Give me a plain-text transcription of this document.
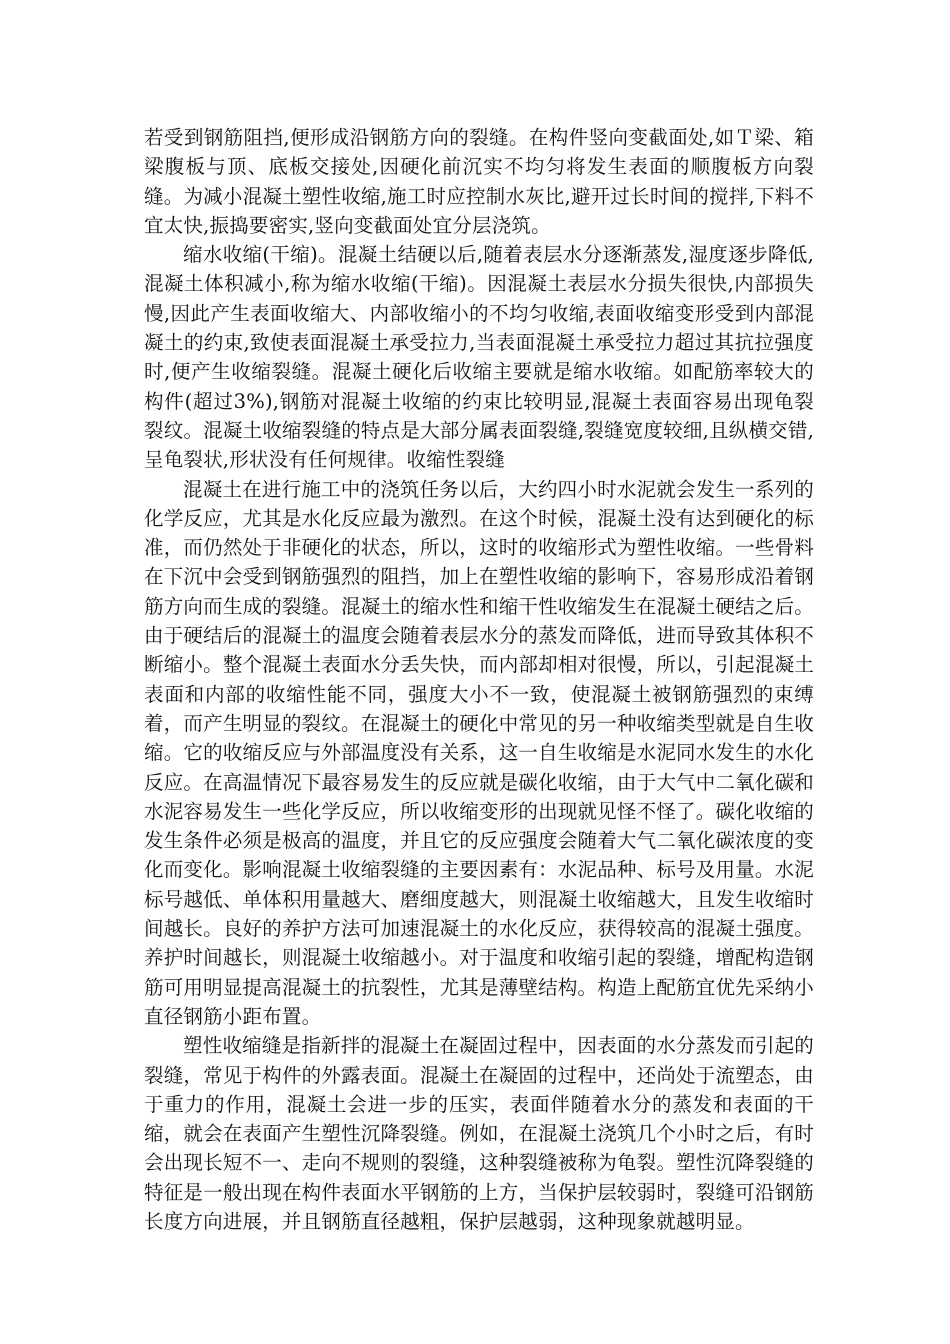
若受到钢筋阻挡,便形成沿钢筋方向的裂缝。在构件竖向变截面处,如Ｔ梁、箱梁腹板与顶、底板交接处,因硬化前沉实不均匀将发生表面的顺腹板方向裂缝。为减小混凝土塑性收缩,施工时应控制水灰比,避开过长时间的搅拌,下料不宜太快,振捣要密实,竖向变截面处宜分层浇筑。

缩水收缩(干缩)。混凝土结硬以后,随着表层水分逐渐蒸发,湿度逐步降低,混凝土体积减小,称为缩水收缩(干缩)。因混凝土表层水分损失很快,内部损失慢,因此产生表面收缩大、内部收缩小的不均匀收缩,表面收缩变形受到内部混凝土的约束,致使表面混凝土承受拉力,当表面混凝土承受拉力超过其抗拉强度时,便产生收缩裂缝。混凝土硬化后收缩主要就是缩水收缩。如配筋率较大的构件(超过3%),钢筋对混凝土收缩的约束比较明显,混凝土表面容易出现龟裂裂纹。混凝土收缩裂缝的特点是大部分属表面裂缝,裂缝宽度较细,且纵横交错,呈龟裂状,形状没有任何规律。收缩性裂缝

混凝土在进行施工中的浇筑任务以后，大约四小时水泥就会发生一系列的化学反应，尤其是水化反应最为激烈。在这个时候，混凝土没有达到硬化的标准，而仍然处于非硬化的状态，所以，这时的收缩形式为塑性收缩。一些骨料在下沉中会受到钢筋强烈的阻挡，加上在塑性收缩的影响下，容易形成沿着钢筋方向而生成的裂缝。混凝土的缩水性和缩干性收缩发生在混凝土硬结之后。由于硬结后的混凝土的温度会随着表层水分的蒸发而降低，进而导致其体积不断缩小。整个混凝土表面水分丢失快，而内部却相对很慢，所以，引起混凝土表面和内部的收缩性能不同，强度大小不一致，使混凝土被钢筋强烈的束缚着，而产生明显的裂纹。在混凝土的硬化中常见的另一种收缩类型就是自生收缩。它的收缩反应与外部温度没有关系，这一自生收缩是水泥同水发生的水化反应。在高温情况下最容易发生的反应就是碳化收缩，由于大气中二氧化碳和水泥容易发生一些化学反应，所以收缩变形的出现就见怪不怪了。碳化收缩的发生条件必须是极高的温度，并且它的反应强度会随着大气二氧化碳浓度的变化而变化。影响混凝土收缩裂缝的主要因素有：水泥品种、标号及用量。水泥标号越低、单体积用量越大、磨细度越大，则混凝土收缩越大，且发生收缩时间越长。良好的养护方法可加速混凝土的水化反应，获得较高的混凝土强度。养护时间越长，则混凝土收缩越小。对于温度和收缩引起的裂缝，增配构造钢筋可用明显提高混凝土的抗裂性，尤其是薄壁结构。构造上配筋宜优先采纳小直径钢筋小距布置。

塑性收缩缝是指新拌的混凝土在凝固过程中，因表面的水分蒸发而引起的裂缝，常见于构件的外露表面。混凝土在凝固的过程中，还尚处于流塑态，由于重力的作用，混凝土会进一步的压实，表面伴随着水分的蒸发和表面的干缩，就会在表面产生塑性沉降裂缝。例如，在混凝土浇筑几个小时之后，有时会出现长短不一、走向不规则的裂缝，这种裂缝被称为龟裂。塑性沉降裂缝的特征是一般出现在构件表面水平钢筋的上方，当保护层较弱时，裂缝可沿钢筋长度方向进展，并且钢筋直径越粗，保护层越弱，这种现象就越明显。
